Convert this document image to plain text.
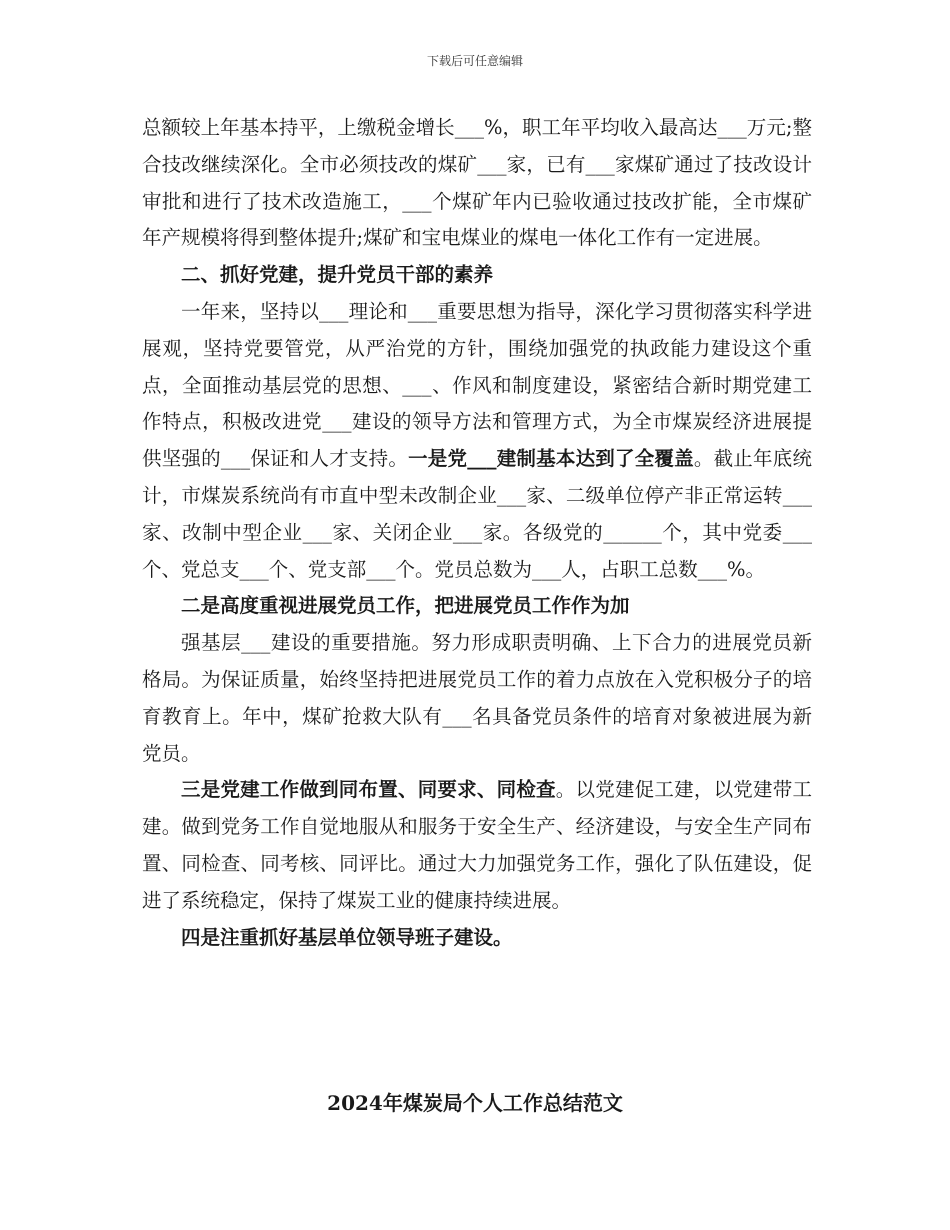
下载后可任意编辑

总额较上年基本持平，上缴税金增长___%，职工年平均收入最高达___万元;整合技改继续深化。全市必须技改的煤矿___家，已有___家煤矿通过了技改设计审批和进行了技术改造施工，___个煤矿年内已验收通过技改扩能，全市煤矿年产规模将得到整体提升;煤矿和宝电煤业的煤电一体化工作有一定进展。

二、抓好党建，提升党员干部的素养

一年来，坚持以___理论和___重要思想为指导，深化学习贯彻落实科学进展观，坚持党要管党，从严治党的方针，围绕加强党的执政能力建设这个重点，全面推动基层党的思想、___、作风和制度建设，紧密结合新时期党建工作特点，积极改进党___建设的领导方法和管理方式，为全市煤炭经济进展提供坚强的___保证和人才支持。一是党___建制基本达到了全覆盖。截止年底统计，市煤炭系统尚有市直中型未改制企业___家、二级单位停产非正常运转___家、改制中型企业___家、关闭企业___家。各级党的______个，其中党委___个、党总支___个、党支部___个。党员总数为___人，占职工总数___%。

二是高度重视进展党员工作，把进展党员工作作为加

强基层___建设的重要措施。努力形成职责明确、上下合力的进展党员新格局。为保证质量，始终坚持把进展党员工作的着力点放在入党积极分子的培育教育上。年中，煤矿抢救大队有___名具备党员条件的培育对象被进展为新党员。

三是党建工作做到同布置、同要求、同检查。以党建促工建，以党建带工建。做到党务工作自觉地服从和服务于安全生产、经济建设，与安全生产同布置、同检查、同考核、同评比。通过大力加强党务工作，强化了队伍建设，促进了系统稳定，保持了煤炭工业的健康持续进展。

四是注重抓好基层单位领导班子建设。

2024年煤炭局个人工作总结范文
